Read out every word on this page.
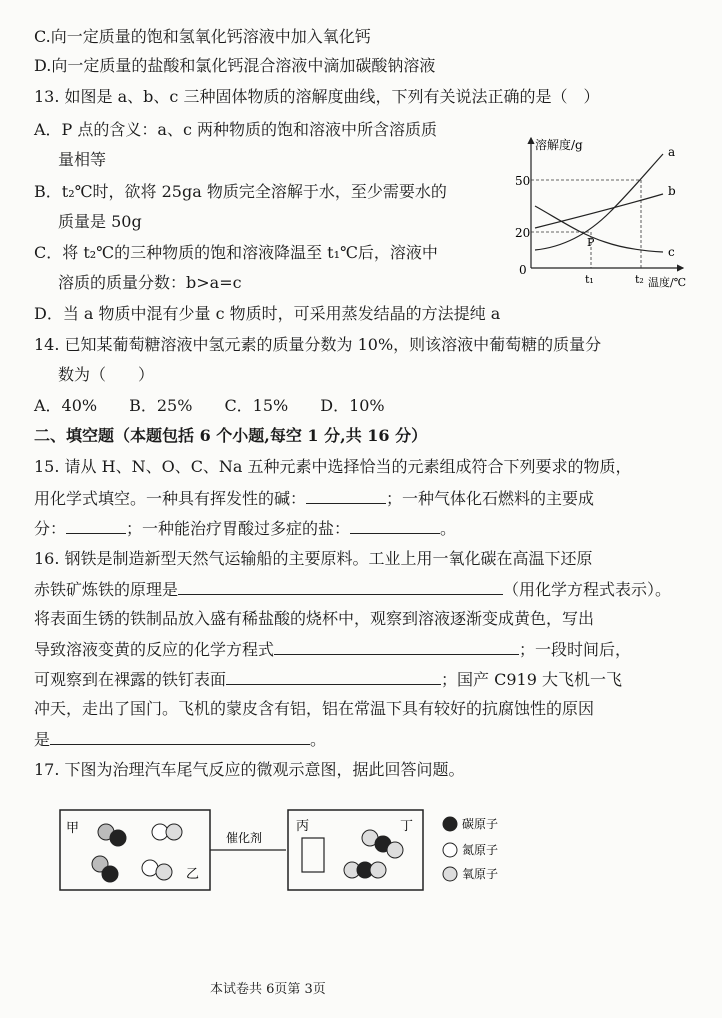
C.向一定质量的饱和氢氧化钙溶液中加入氧化钙
D.向一定质量的盐酸和氯化钙混合溶液中滴加碳酸钠溶液
13. 如图是 a、b、c 三种固体物质的溶解度曲线，下列有关说法正确的是（　）
A．P 点的含义：a、c 两种物质的饱和溶液中所含溶质质
量相等
B．t₂℃时，欲将 25ga 物质完全溶解于水，至少需要水的
质量是 50g
C．将 t₂℃的三种物质的饱和溶液降温至 t₁℃后，溶液中
溶质的质量分数：b>a=c
D．当 a 物质中混有少量 c 物质时，可采用蒸发结晶的方法提纯 a
14. 已知某葡萄糖溶液中氢元素的质量分数为 10%，则该溶液中葡萄糖的质量分
数为（　　）
A．40%　　B．25%　　C．15%　　D．10%
二、填空题（本题包括 6 个小题,每空 1 分,共 16 分）
15. 请从 H、N、O、C、Na 五种元素中选择恰当的元素组成符合下列要求的物质，
用化学式填空。一种具有挥发性的碱：	；一种气体化石燃料的主要成
分：	；一种能治疗胃酸过多症的盐：	。
16. 钢铁是制造新型天然气运输船的主要原料。工业上用一氧化碳在高温下还原
赤铁矿炼铁的原理是	（用化学方程式表示）。
将表面生锈的铁制品放入盛有稀盐酸的烧杯中，观察到溶液逐渐变成黄色，写出
导致溶液变黄的反应的化学方程式	；一段时间后，
可观察到在裸露的铁钉表面	；国产 C919 大飞机一飞
冲天，走出了国门。飞机的蒙皮含有铝，铝在常温下具有较好的抗腐蚀性的原因
是	。
17. 下图为治理汽车尾气反应的微观示意图，据此回答问题。
溶解度/g
50
20
0
a
b
c
P
t₁	t₂ 温度/℃
催化剂
甲
乙
丙	丁	碳原子
氮原子
氧原子
本试卷共 6页第 3页
